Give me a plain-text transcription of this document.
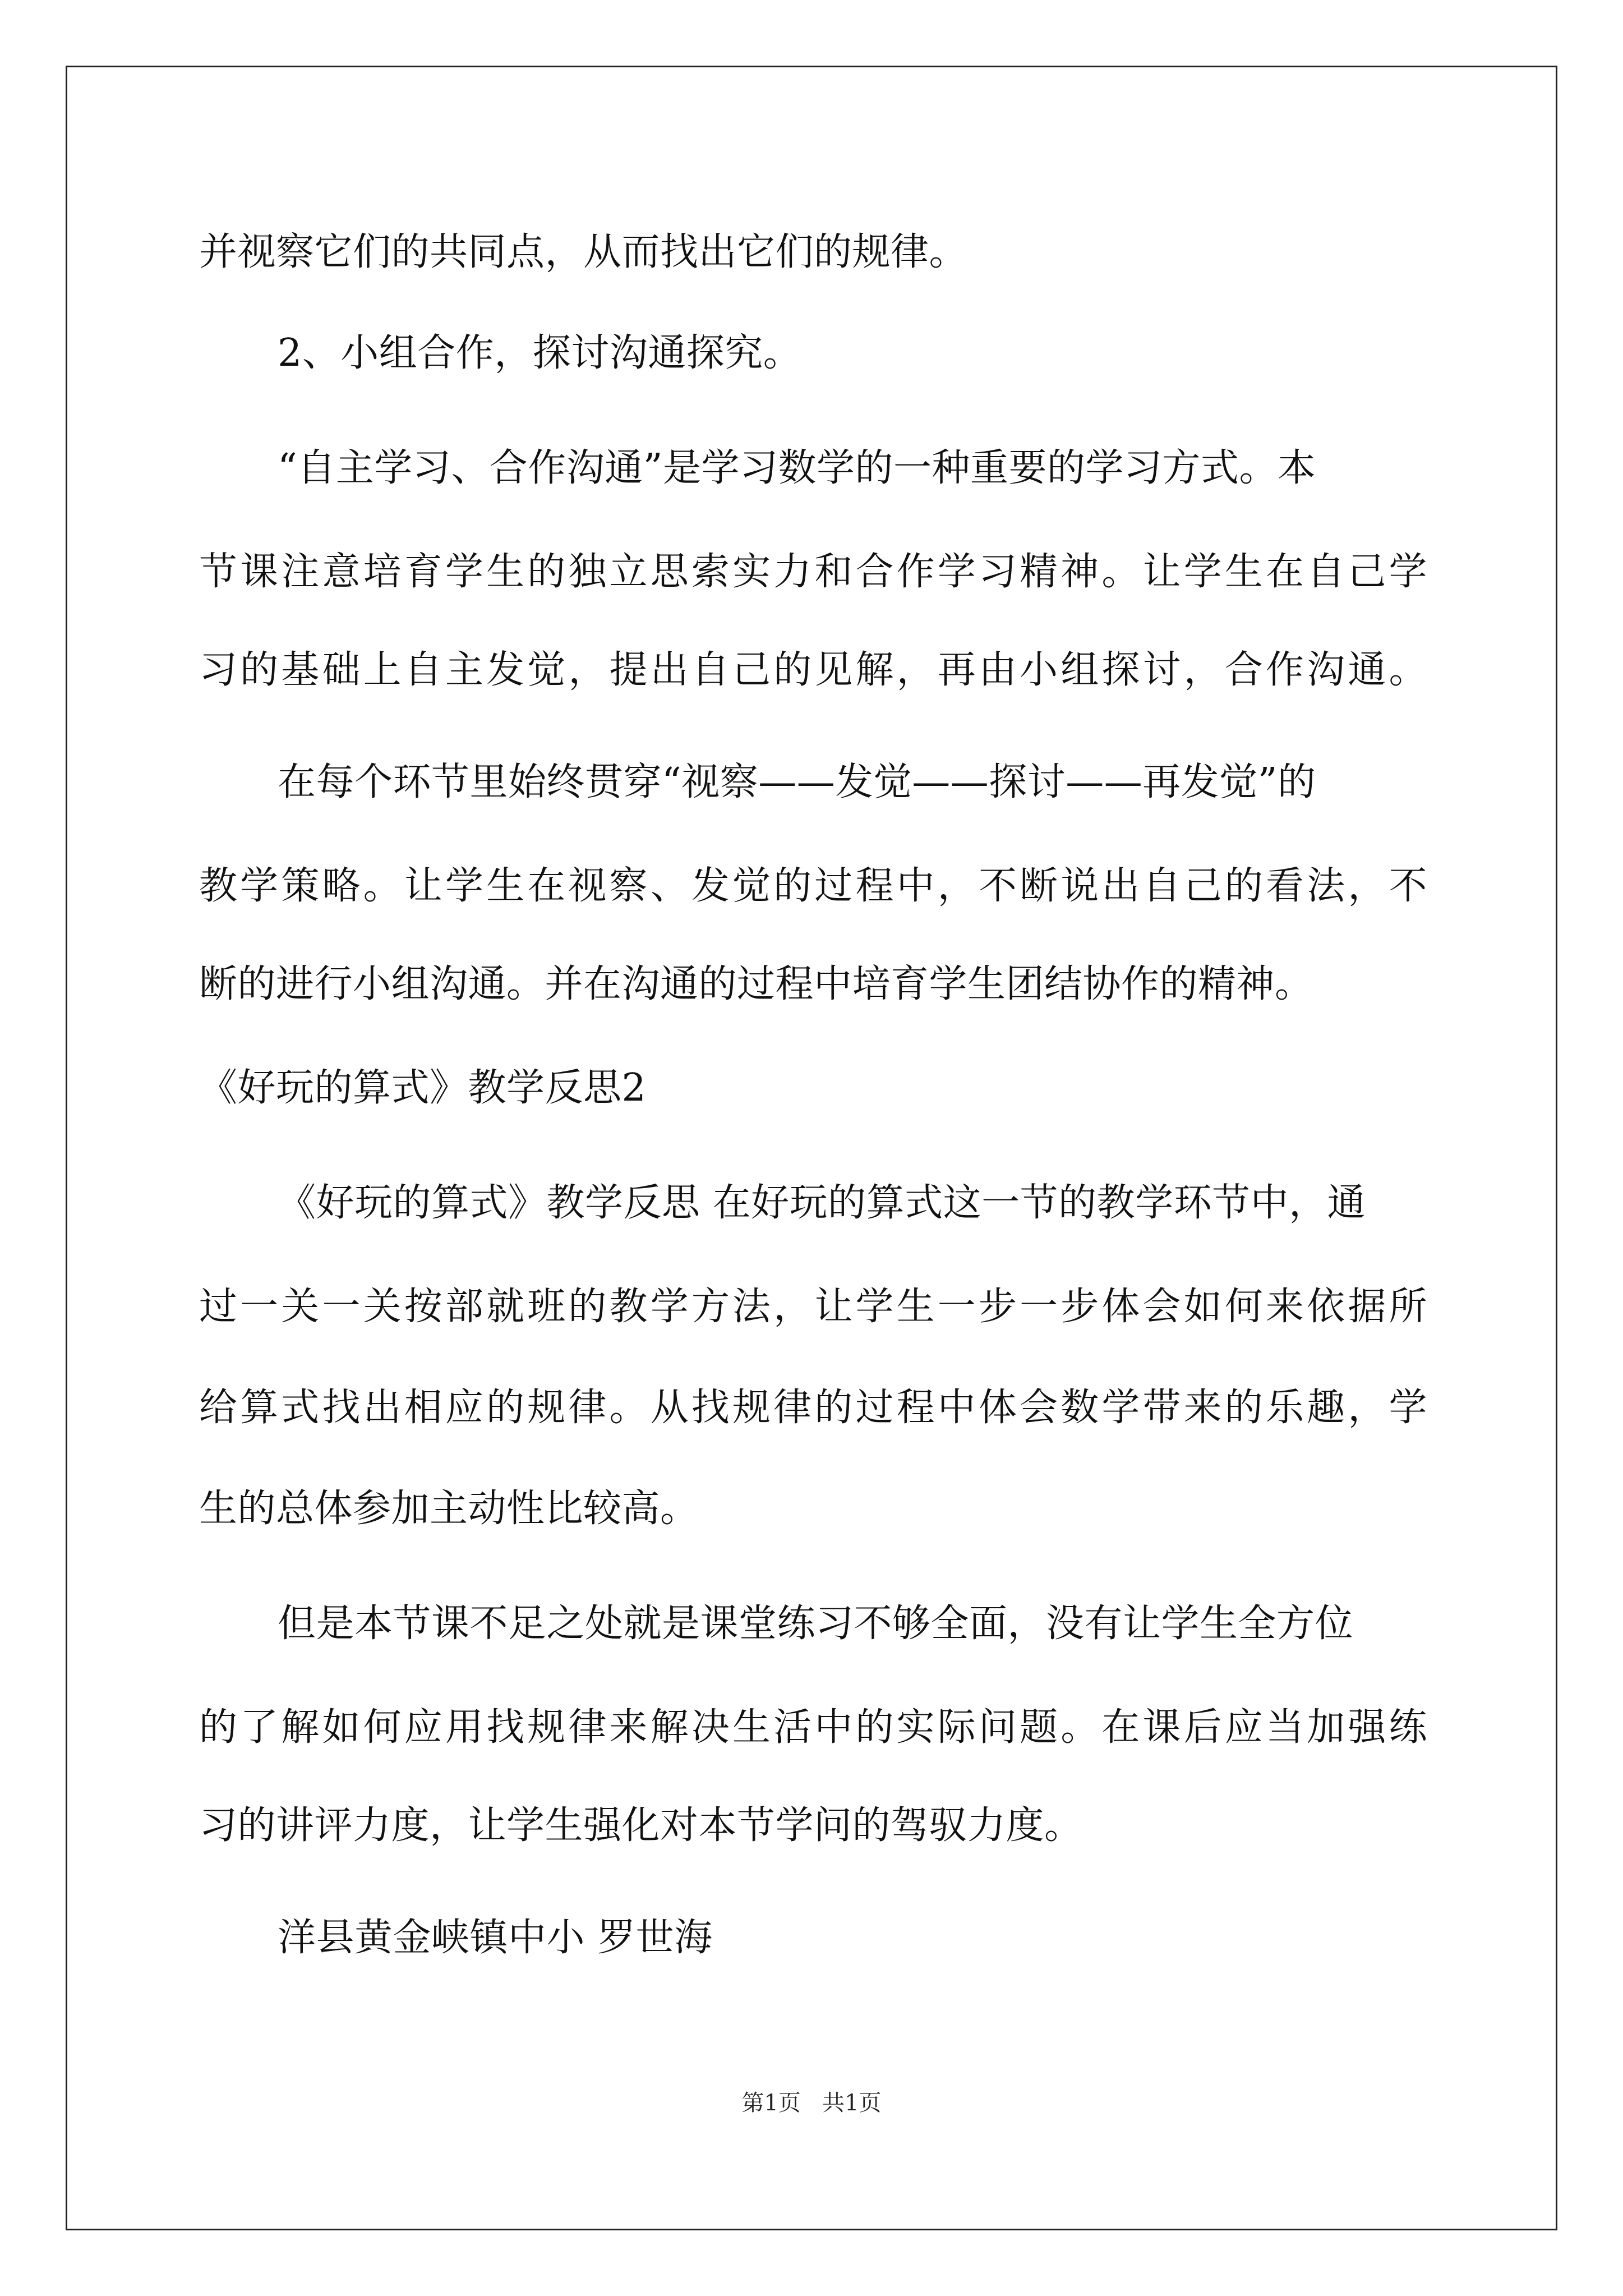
并视察它们的共同点，从而找出它们的规律。
2、小组合作，探讨沟通探究。
“自主学习、合作沟通”是学习数学的一种重要的学习方式。本
节课注意培育学生的独立思索实力和合作学习精神。让学生在自己学
习的基础上自主发觉，提出自己的见解，再由小组探讨，合作沟通。
在每个环节里始终贯穿“视察——发觉——探讨——再发觉”的
教学策略。让学生在视察、发觉的过程中，不断说出自己的看法，不
断的进行小组沟通。并在沟通的过程中培育学生团结协作的精神。
《好玩的算式》教学反思2
《好玩的算式》教学反思 在好玩的算式这一节的教学环节中，通
过一关一关按部就班的教学方法，让学生一步一步体会如何来依据所
给算式找出相应的规律。从找规律的过程中体会数学带来的乐趣，学
生的总体参加主动性比较高。
但是本节课不足之处就是课堂练习不够全面，没有让学生全方位
的了解如何应用找规律来解决生活中的实际问题。在课后应当加强练
习的讲评力度，让学生强化对本节学问的驾驭力度。
洋县黄金峡镇中小 罗世海
第1页   共1页
